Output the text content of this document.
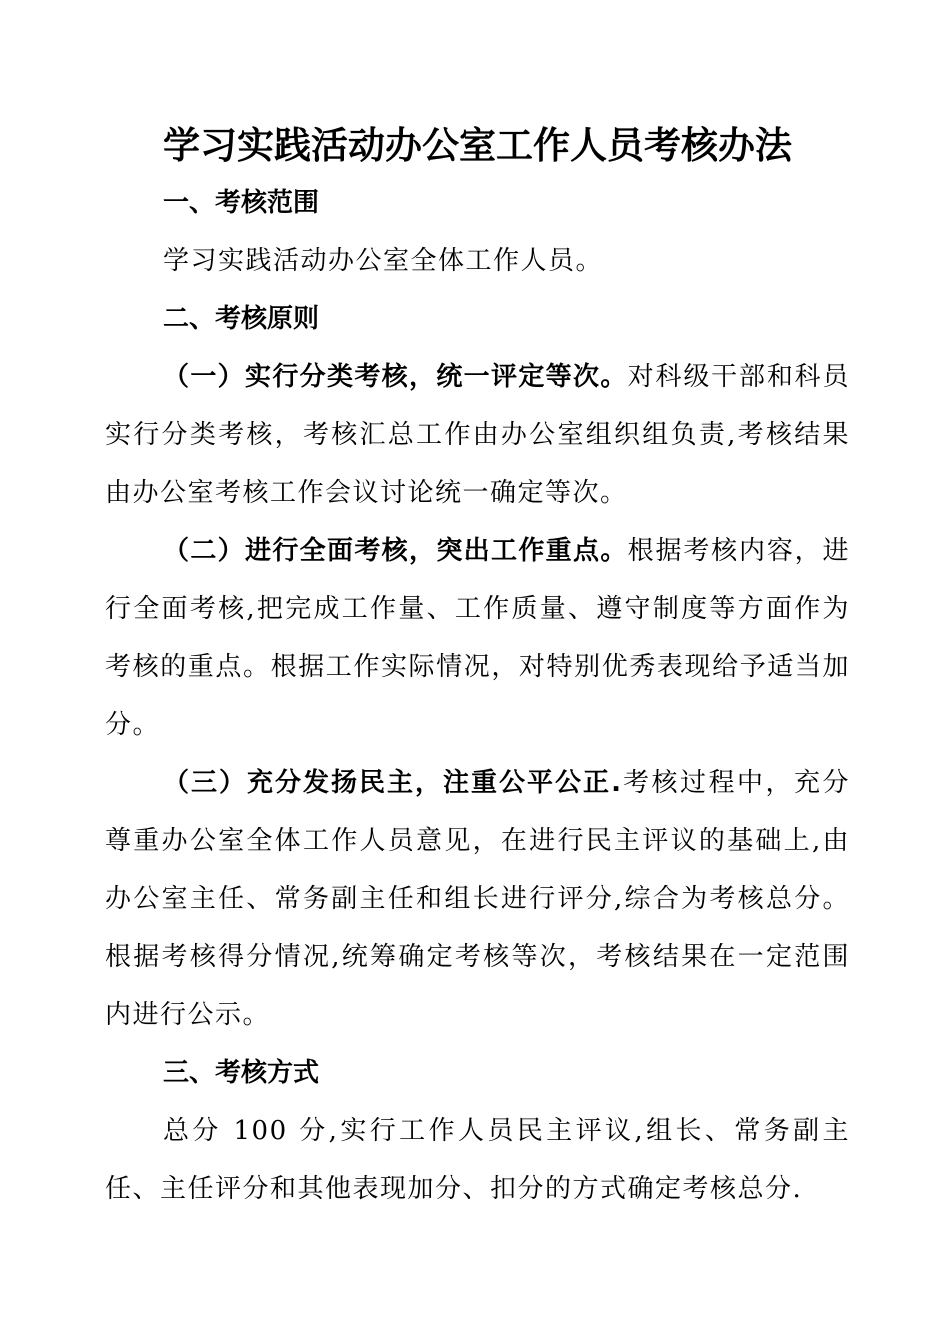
学习实践活动办公室工作人员考核办法
一、考核范围

学习实践活动办公室全体工作人员。

二、考核原则

（一）实行分类考核，统一评定等次。对科级干部和科员实行分类考核，考核汇总工作由办公室组织组负责,考核结果由办公室考核工作会议讨论统一确定等次。

（二）进行全面考核，突出工作重点。根据考核内容，进行全面考核,把完成工作量、工作质量、遵守制度等方面作为考核的重点。根据工作实际情况，对特别优秀表现给予适当加分。

（三）充分发扬民主，注重公平公正.考核过程中，充分尊重办公室全体工作人员意见，在进行民主评议的基础上,由办公室主任、常务副主任和组长进行评分,综合为考核总分。根据考核得分情况,统筹确定考核等次，考核结果在一定范围内进行公示。

三、考核方式

总分 100 分,实行工作人员民主评议,组长、常务副主任、主任评分和其他表现加分、扣分的方式确定考核总分.
